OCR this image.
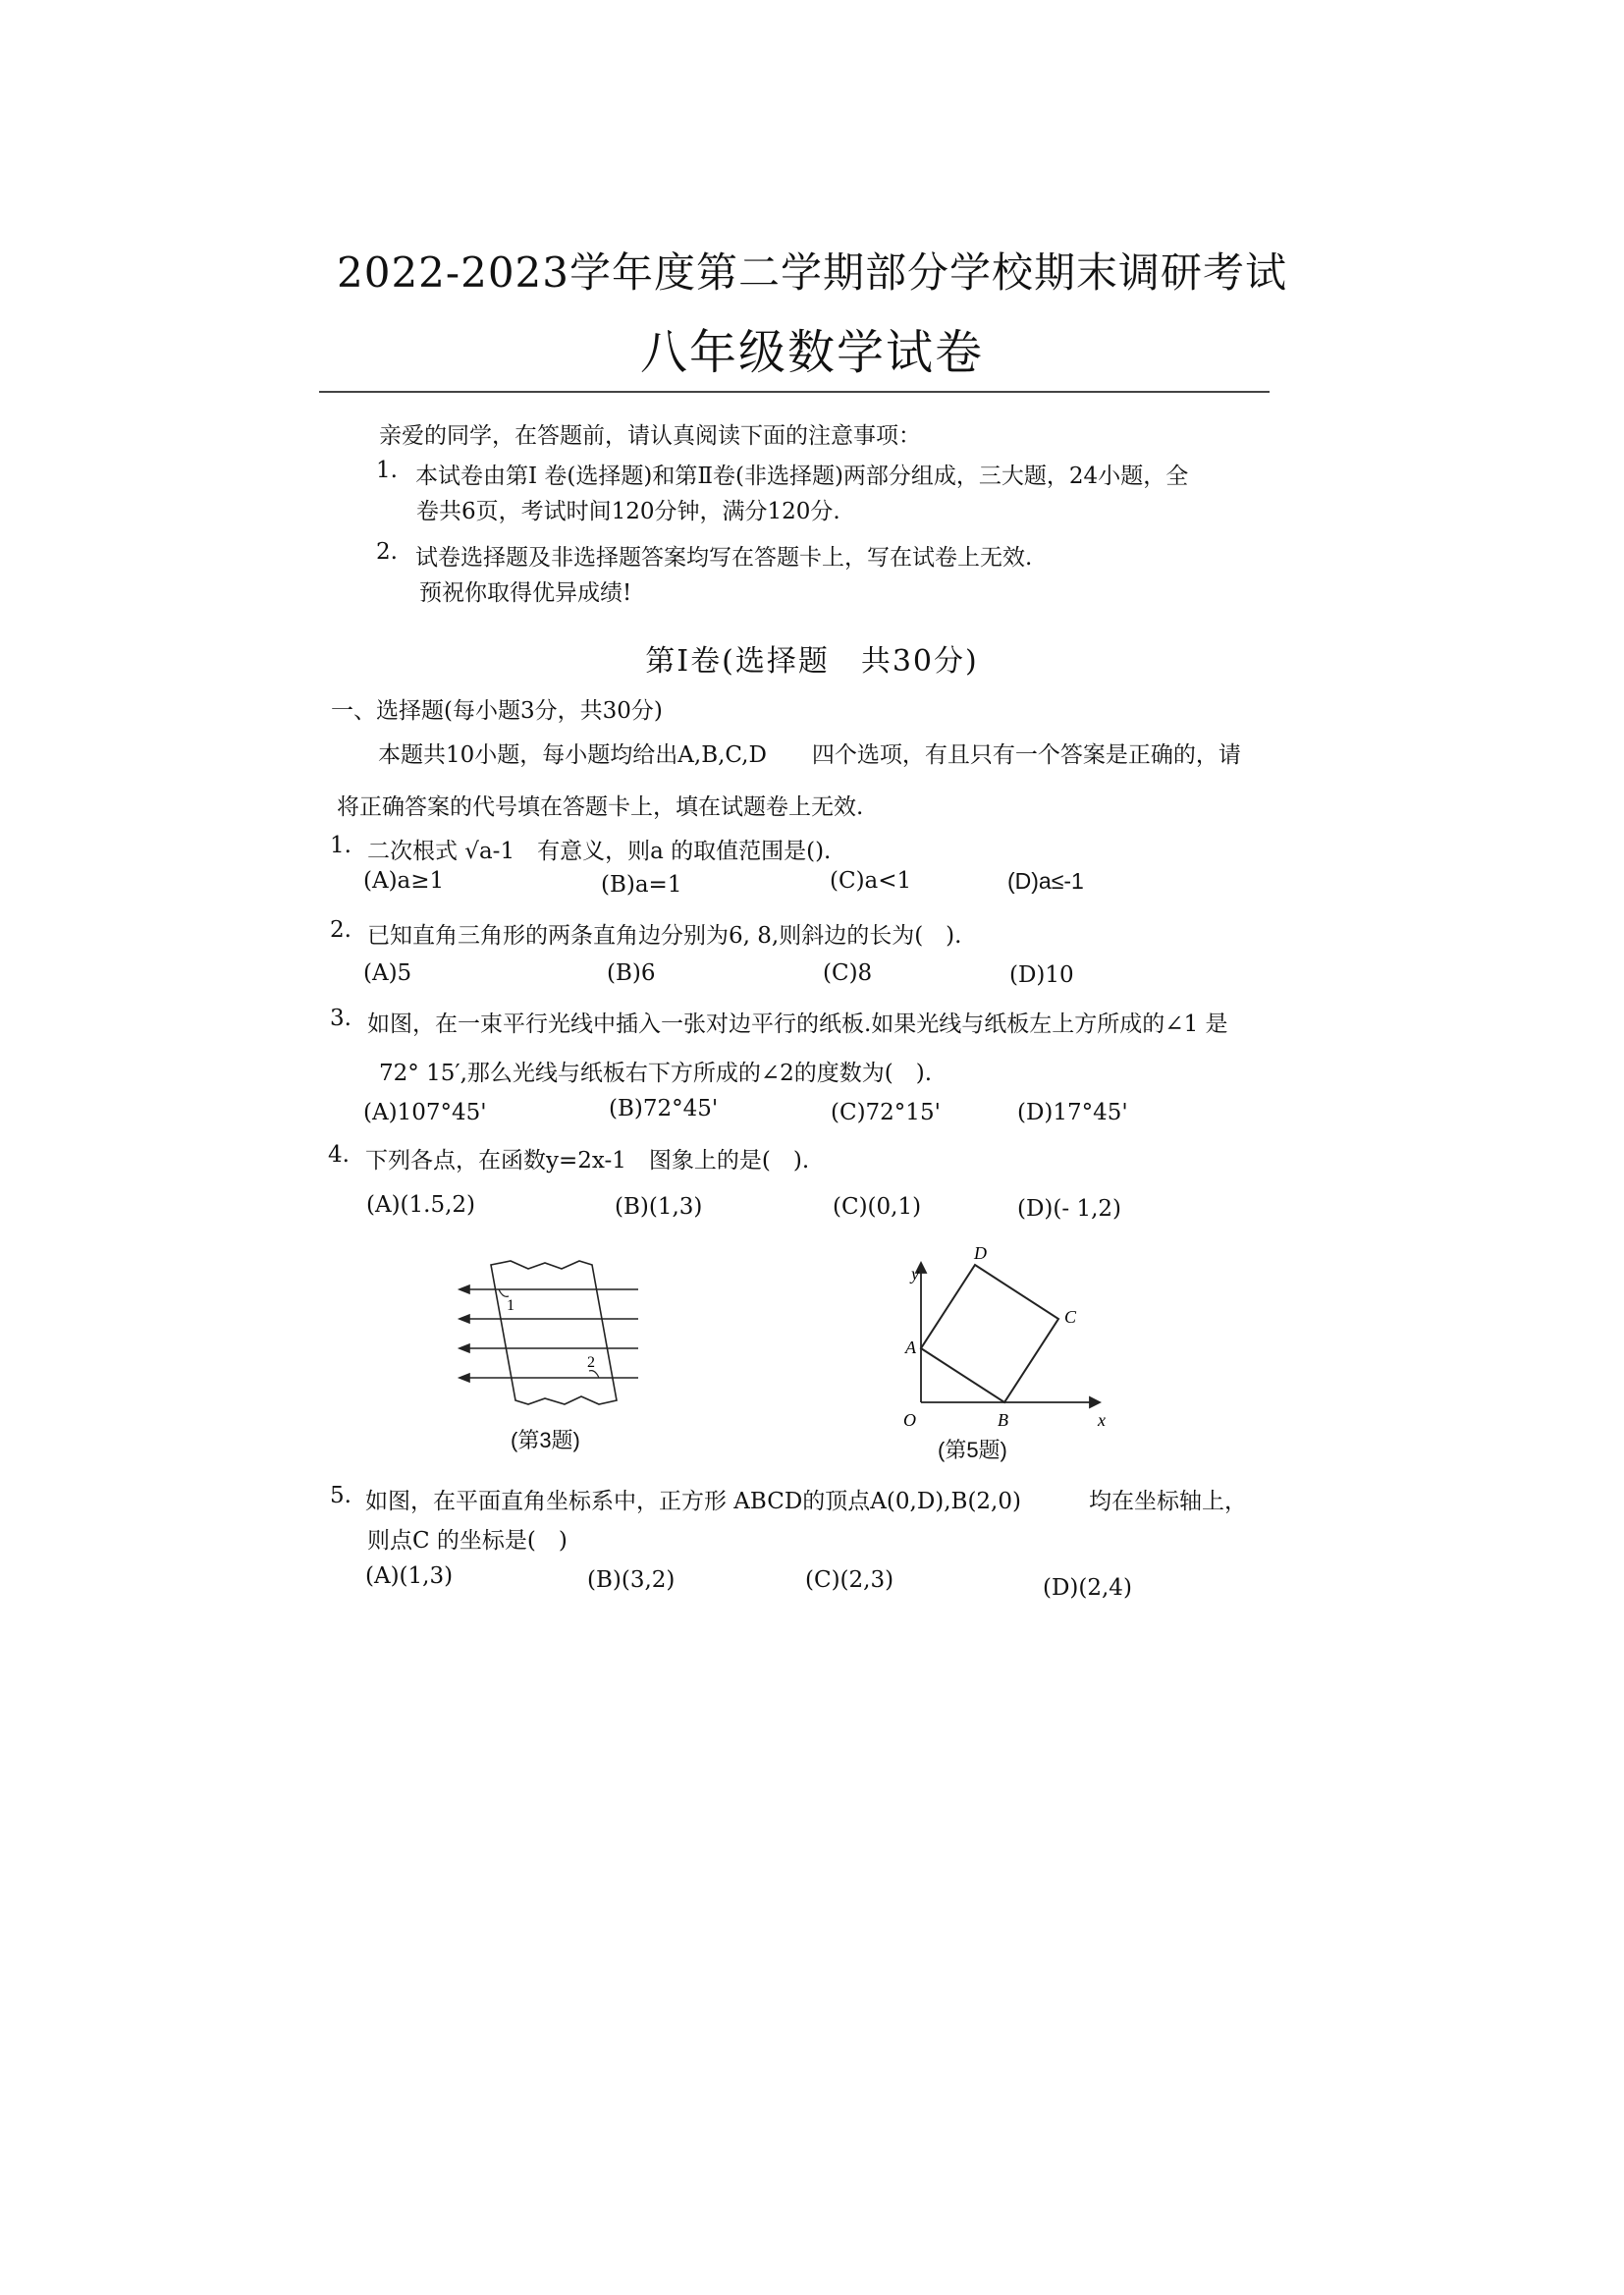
2022-2023学年度第二学期部分学校期末调研考试
八年级数学试卷
亲爱的同学，在答题前，请认真阅读下面的注意事项：
1. 本试卷由第Ⅰ 卷(选择题)和第Ⅱ卷(非选择题)两部分组成，三大题，24小题，全
卷共6页，考试时间120分钟，满分120分.
2. 试卷选择题及非选择题答案均写在答题卡上，写在试卷上无效.
预祝你取得优异成绩!
第Ⅰ卷(选择题　共30分)
一、选择题(每小题3分，共30分)
本题共10小题，每小题均给出A,B,C,D　　四个选项，有且只有一个答案是正确的，请
将正确答案的代号填在答题卡上，填在试题卷上无效.
1. 二次根式 √a-1　有意义，则a 的取值范围是().
(A)a≥1	(B)a=1	(C)a<1	(D)a≤-1
2. 已知直角三角形的两条直角边分别为6, 8,则斜边的长为(　).
(A)5	(B)6	(C)8	(D)10
3. 如图，在一束平行光线中插入一张对边平行的纸板.如果光线与纸板左上方所成的∠1 是
72° 15′,那么光线与纸板右下方所成的∠2的度数为(　).
(A)107°45'	(B)72°45'	(C)72°15'	(D)17°45'
4. 下列各点，在函数y=2x-1　图象上的是(　).
(A)(1.5,2)	(B)(1,3)	(C)(0,1)	(D)(- 1,2)
1
2
(第3题)
y
x
O
A
B
C
D
(第5题)
5. 如图，在平面直角坐标系中，正方形 ABCD的顶点A(0,D),B(2,0)　　　均在坐标轴上，
则点C 的坐标是(　)
(A)(1,3)	(B)(3,2)	(C)(2,3)	(D)(2,4)
